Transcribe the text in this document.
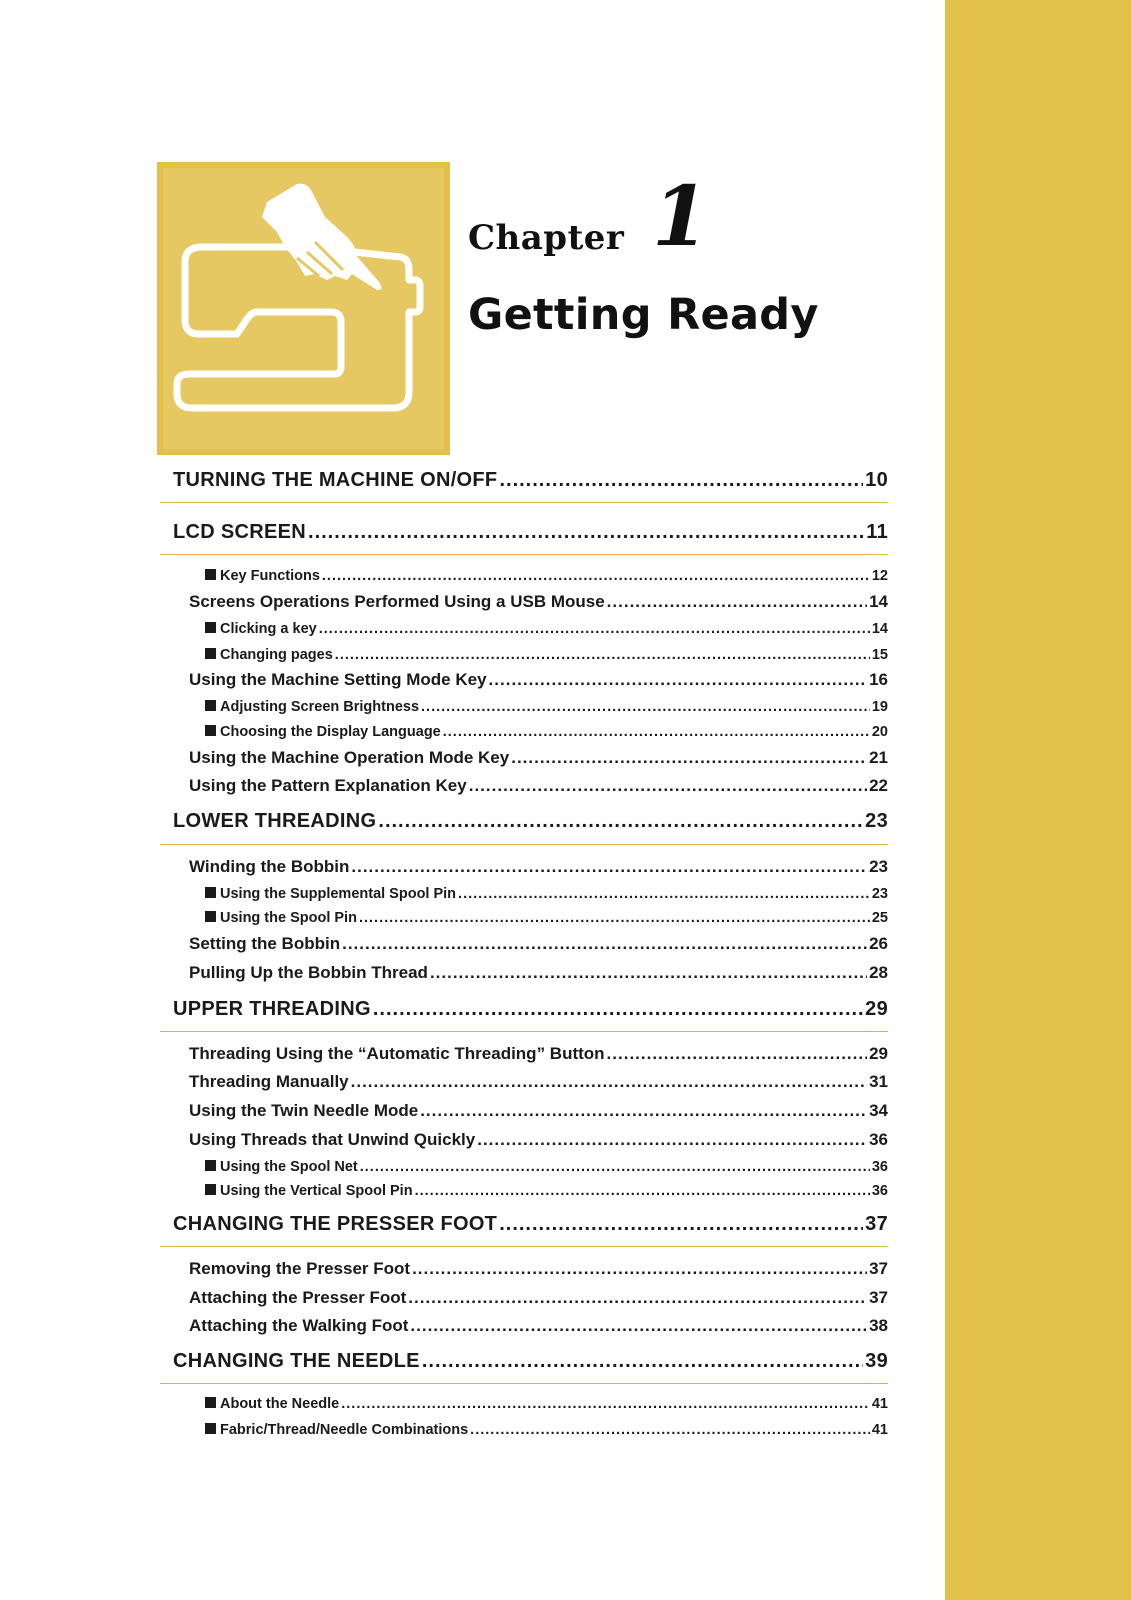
Chapter 1
Getting Ready
TURNING THE MACHINE ON/OFF .....	10
LCD SCREEN .....	11
Key Functions .....	12
Screens Operations Performed Using a USB Mouse .....	14
Clicking a key .....	14
Changing pages .....	15
Using the Machine Setting Mode Key .....	16
Adjusting Screen Brightness .....	19
Choosing the Display Language .....	20
Using the Machine Operation Mode Key .....	21
Using the Pattern Explanation Key .....	22
LOWER THREADING .....	23
Winding the Bobbin .....	23
Using the Supplemental Spool Pin .....	23
Using the Spool Pin .....	25
Setting the Bobbin .....	26
Pulling Up the Bobbin Thread .....	28
UPPER THREADING .....	29
Threading Using the “Automatic Threading” Button .....	29
Threading Manually .....	31
Using the Twin Needle Mode .....	34
Using Threads that Unwind Quickly .....	36
Using the Spool Net .....	36
Using the Vertical Spool Pin .....	36
CHANGING THE PRESSER FOOT .....	37
Removing the Presser Foot .....	37
Attaching the Presser Foot .....	37
Attaching the Walking Foot .....	38
CHANGING THE NEEDLE .....	39
About the Needle .....	41
Fabric/Thread/Needle Combinations .....	41
